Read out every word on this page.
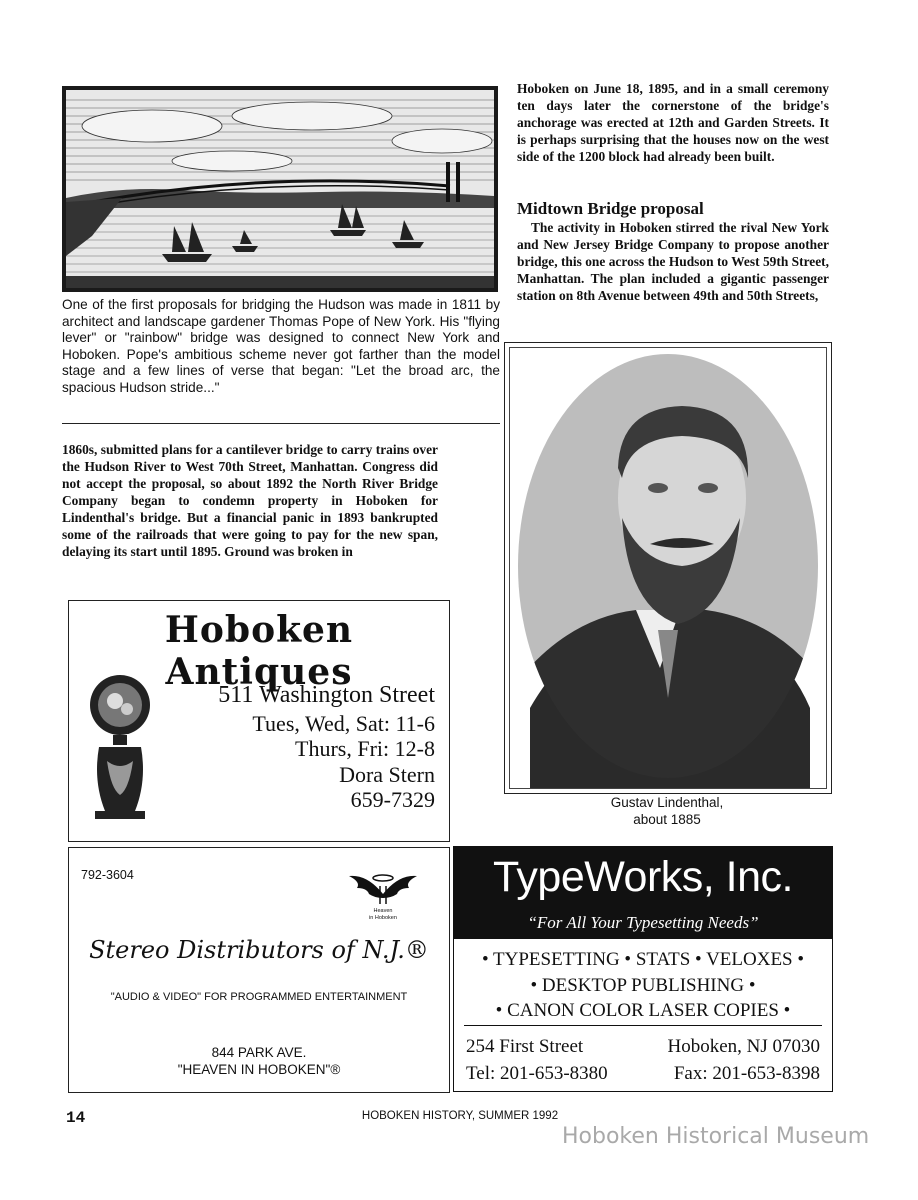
One of the first proposals for bridging the Hudson was made in 1811 by architect and landscape gardener Thomas Pope of New York. His "flying lever" or "rainbow" bridge was designed to connect New York and Hoboken. Pope's ambitious scheme never got farther than the model stage and a few lines of verse that began: "Let the broad arc, the spacious Hudson stride..."

1860s, submitted plans for a cantilever bridge to carry trains over the Hudson River to West 70th Street, Manhattan. Congress did not accept the proposal, so about 1892 the North River Bridge Company began to condemn property in Hoboken for Lindenthal's bridge. But a financial panic in 1893 bankrupted some of the railroads that were going to pay for the new span, delaying its start until 1895. Ground was broken in

Hoboken on June 18, 1895, and in a small ceremony ten days later the cornerstone of the bridge's anchorage was erected at 12th and Garden Streets. It is perhaps surprising that the houses now on the west side of the 1200 block had already been built.

Midtown Bridge proposal

The activity in Hoboken stirred the rival New York and New Jersey Bridge Company to propose another bridge, this one across the Hudson to West 59th Street, Manhattan. The plan included a gigantic passenger station on 8th Avenue between 49th and 50th Streets,

Gustav Lindenthal,
about 1885
Hoboken Antiques
511 Washington Street
Tues, Wed, Sat: 11-6
Thurs, Fri: 12-8
Dora Stern
659-7329
792-3604
Heaven
in Hoboken
Stereo Distributors of N.J.®
"AUDIO & VIDEO" FOR PROGRAMMED ENTERTAINMENT
844 PARK AVE.
"HEAVEN IN HOBOKEN"®
TypeWorks, Inc.
“For All Your Typesetting Needs”
• TYPESETTING • STATS • VELOXES •
• DESKTOP PUBLISHING •
• CANON COLOR LASER COPIES •
254 First Street	Hoboken, NJ 07030
Tel: 201-653-8380	Fax: 201-653-8398
14	HOBOKEN HISTORY, SUMMER 1992
Hoboken Historical Museum
